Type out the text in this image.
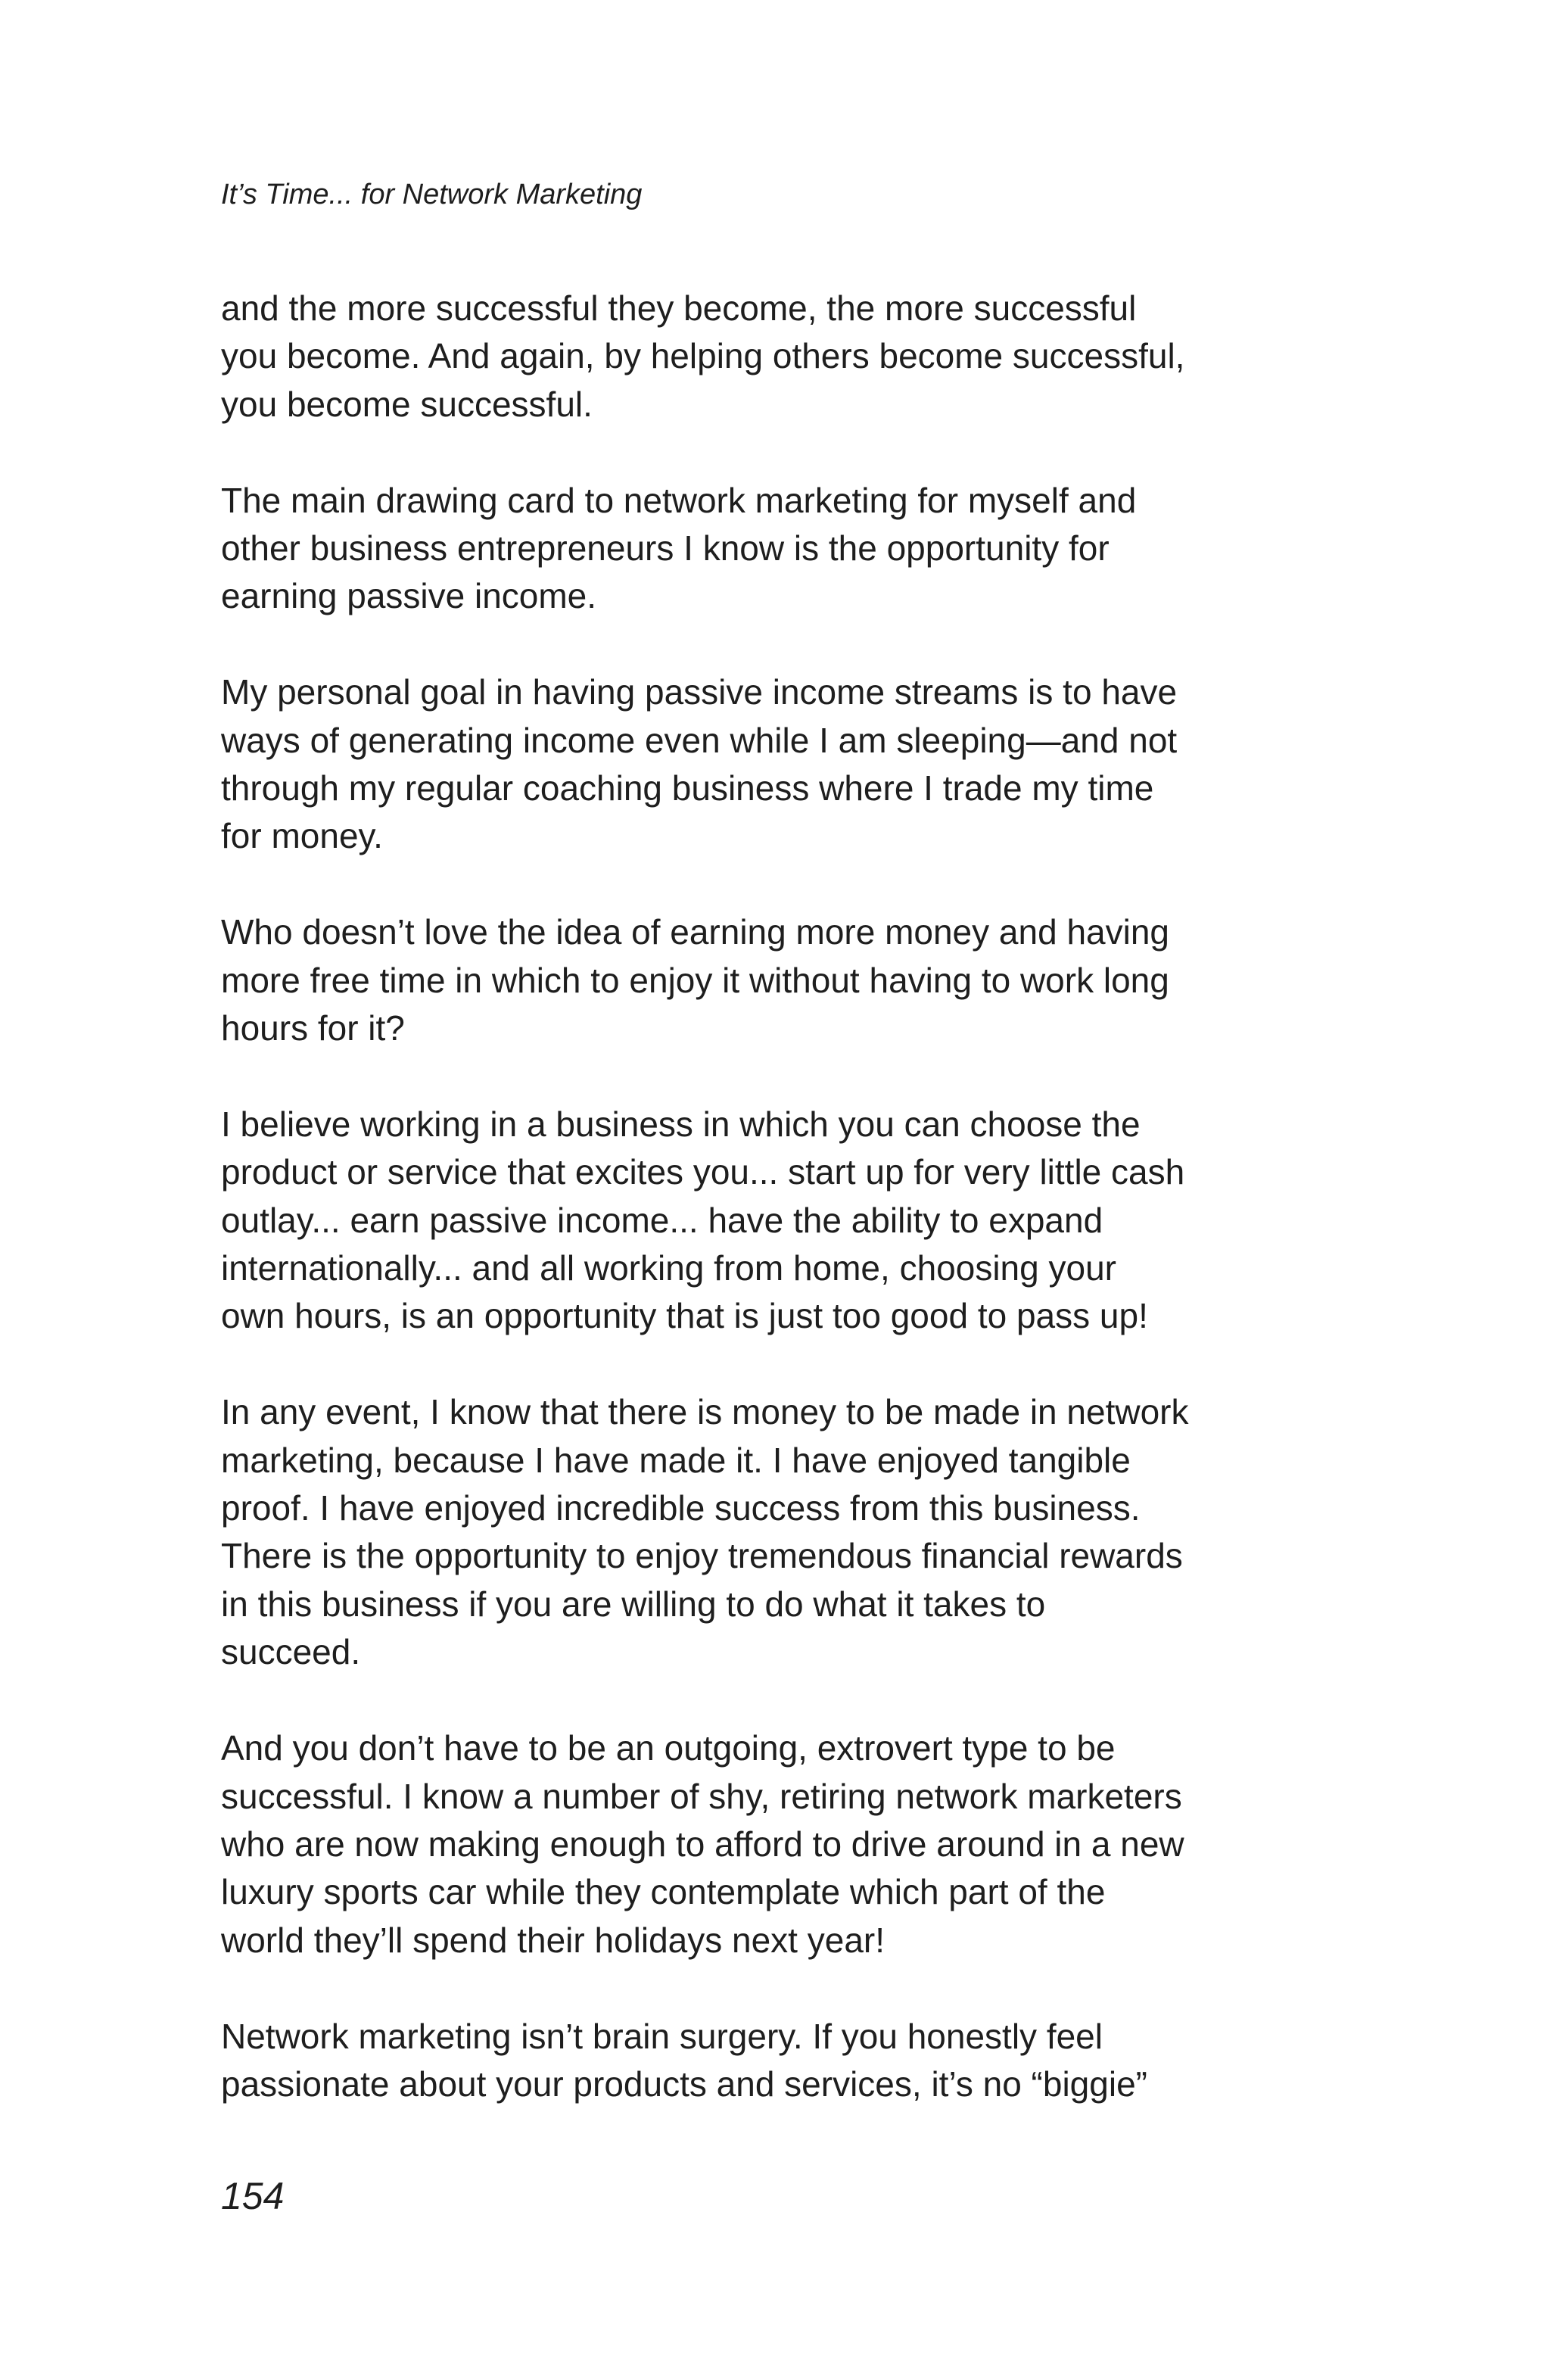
It’s Time... for Network Marketing

and the more successful they become, the more successful
you become. And again, by helping others become successful,
you become successful.

The main drawing card to network marketing for myself and
other business entrepreneurs I know is the opportunity for
earning passive income.

My personal goal in having passive income streams is to have
ways of generating income even while I am sleeping—and not
through my regular coaching business where I trade my time
for money.

Who doesn’t love the idea of earning more money and having
more free time in which to enjoy it without having to work long
hours for it?

I believe working in a business in which you can choose the
product or service that excites you... start up for very little cash
outlay... earn passive income... have the ability to expand
internationally... and all working from home, choosing your
own hours, is an opportunity that is just too good to pass up!

In any event, I know that there is money to be made in network
marketing, because I have made it. I have enjoyed tangible
proof. I have enjoyed incredible success from this business.
There is the opportunity to enjoy tremendous financial rewards
in this business if you are willing to do what it takes to
succeed.

And you don’t have to be an outgoing, extrovert type to be
successful. I know a number of shy, retiring network marketers
who are now making enough to afford to drive around in a new
luxury sports car while they contemplate which part of the
world they’ll spend their holidays next year!

Network marketing isn’t brain surgery. If you honestly feel
passionate about your products and services, it’s no “biggie”

154
